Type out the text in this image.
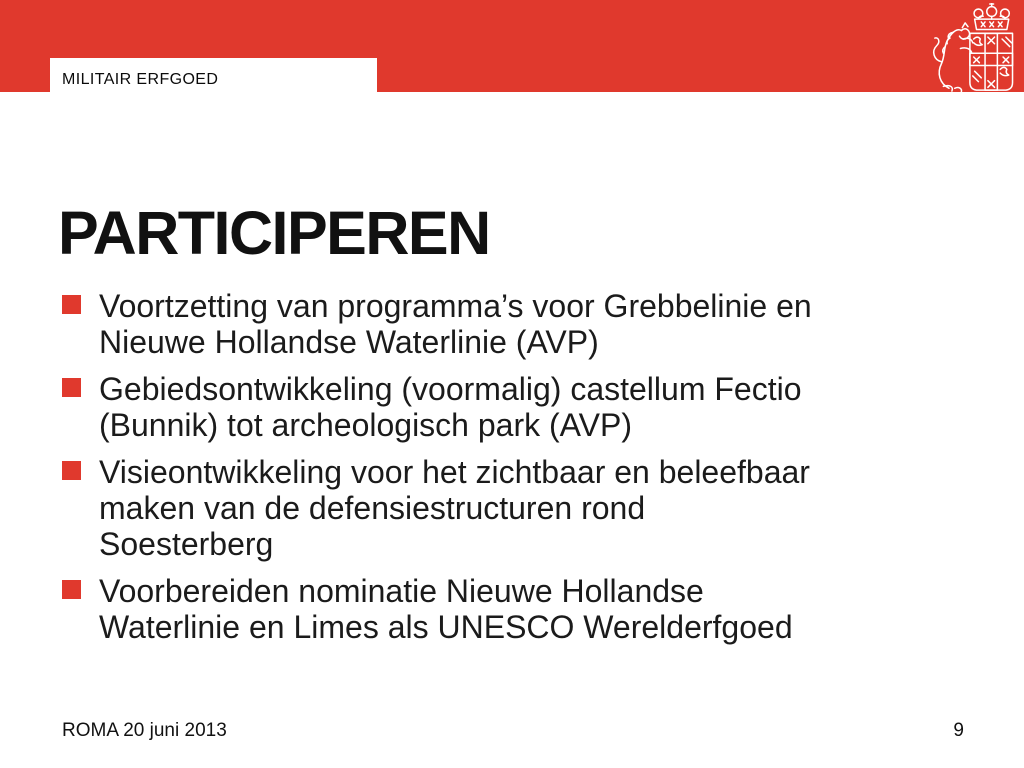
MILITAIR ERFGOED
PARTICIPEREN
Voortzetting van programma’s voor Grebbelinie en
Nieuwe Hollandse Waterlinie (AVP)
Gebiedsontwikkeling (voormalig) castellum Fectio
(Bunnik) tot archeologisch park (AVP)
Visieontwikkeling voor het zichtbaar en beleefbaar
maken van de defensiestructuren rond
Soesterberg
Voorbereiden nominatie Nieuwe Hollandse
Waterlinie en Limes als UNESCO Werelderfgoed
ROMA 20 juni 2013	9
